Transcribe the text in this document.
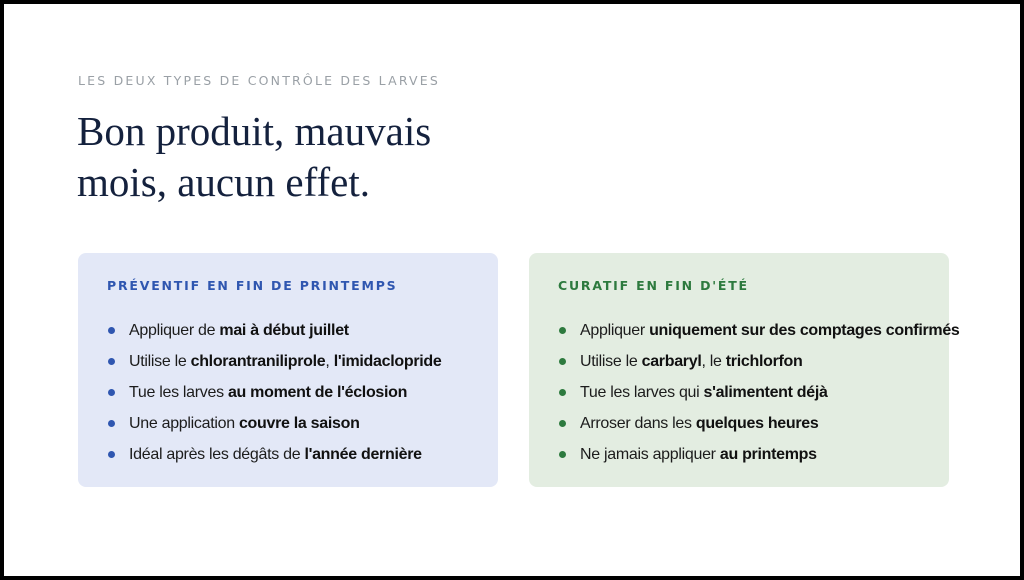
LES DEUX TYPES DE CONTRÔLE DES LARVES
Bon produit, mauvais
mois, aucun effet.
PRÉVENTIF EN FIN DE PRINTEMPS
Appliquer de mai à début juillet
Utilise le chlorantraniliprole, l'imidaclopride
Tue les larves au moment de l'éclosion
Une application couvre la saison
Idéal après les dégâts de l'année dernière
CURATIF EN FIN D'ÉTÉ
Appliquer uniquement sur des comptages confirmés
Utilise le carbaryl, le trichlorfon
Tue les larves qui s'alimentent déjà
Arroser dans les quelques heures
Ne jamais appliquer au printemps
